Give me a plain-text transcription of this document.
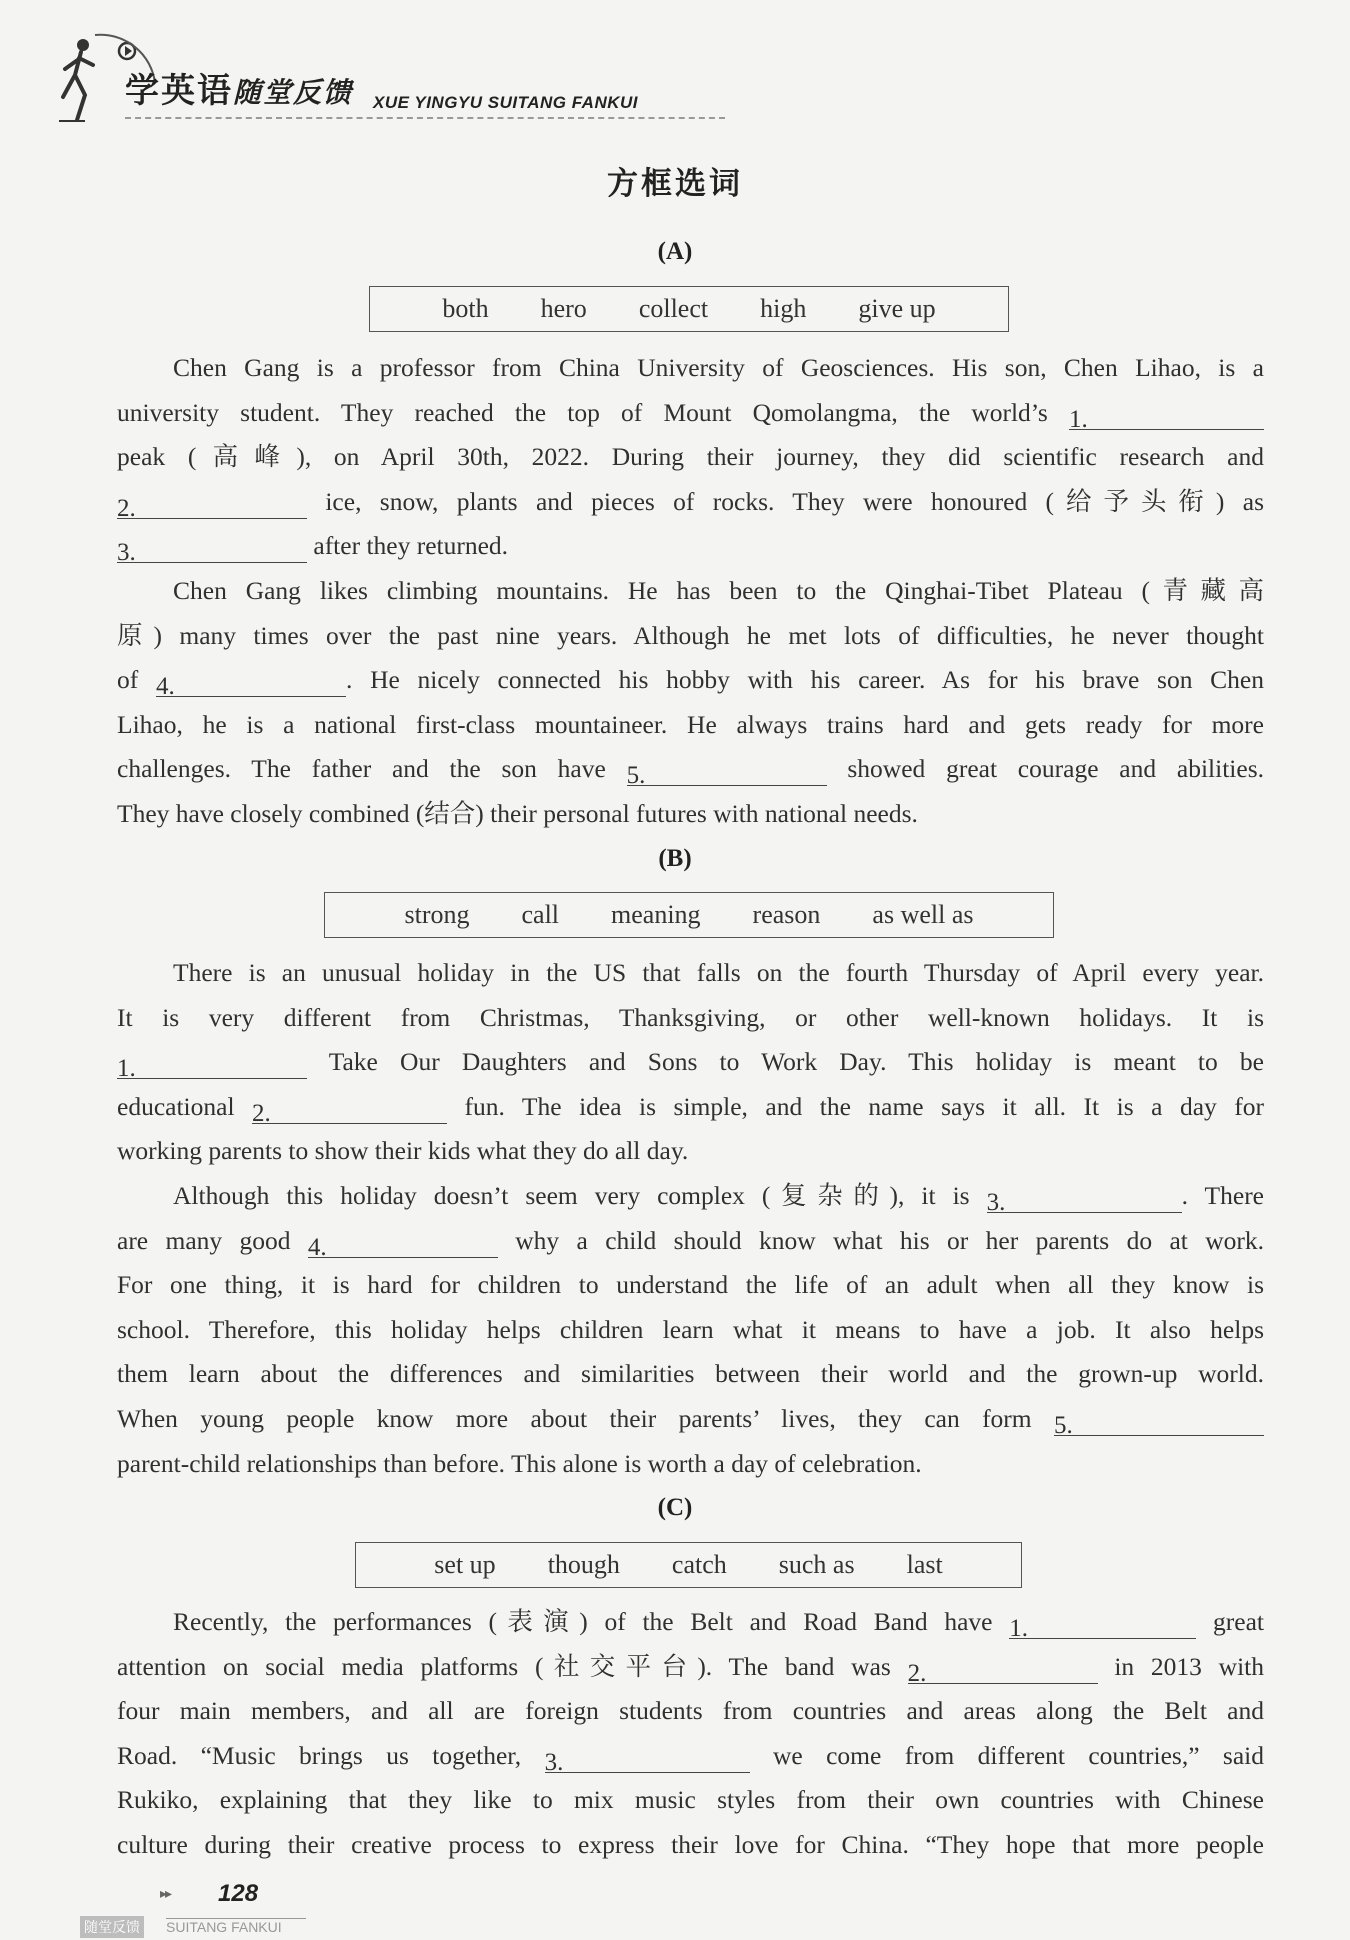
学英语随堂反馈 XUE YINGYU SUITANG FANKUI
方框选词
(A)
both	hero	collect	high	give up
Chen Gang is a professor from China University of Geosciences. His son, Chen Lihao, is a
university student. They reached the top of Mount Qomolangma, the world’s 1.
peak (高峰), on April 30th, 2022. During their journey, they did scientific research and
2.	ice, snow, plants and pieces of rocks. They were honoured (给予头衔) as
3.	after they returned.
Chen Gang likes climbing mountains. He has been to the Qinghai-Tibet Plateau (青藏高
原) many times over the past nine years. Although he met lots of difficulties, he never thought
of 4.	. He nicely connected his hobby with his career. As for his brave son Chen
Lihao, he is a national first-class mountaineer. He always trains hard and gets ready for more
challenges. The father and the son have 5.	showed great courage and abilities.
They have closely combined (结合) their personal futures with national needs.
(B)
strong	call	meaning	reason	as well as
There is an unusual holiday in the US that falls on the fourth Thursday of April every year.
It is very different from Christmas, Thanksgiving, or other well-known holidays. It is
1.	Take Our Daughters and Sons to Work Day. This holiday is meant to be
educational 2.	fun. The idea is simple, and the name says it all. It is a day for
working parents to show their kids what they do all day.
Although this holiday doesn’t seem very complex (复杂的), it is 3.	. There
are many good 4.	why a child should know what his or her parents do at work.
For one thing, it is hard for children to understand the life of an adult when all they know is
school. Therefore, this holiday helps children learn what it means to have a job. It also helps
them learn about the differences and similarities between their world and the grown-up world.
When young people know more about their parents’ lives, they can form 5.
parent-child relationships than before. This alone is worth a day of celebration.
(C)
set up	though	catch	such as	last
Recently, the performances (表演) of the Belt and Road Band have 1.	great
attention on social media platforms (社交平台). The band was 2.	in 2013 with
four main members, and all are foreign students from countries and areas along the Belt and
Road. “Music brings us together, 3.	we come from different countries,” said
Rukiko, explaining that they like to mix music styles from their own countries with Chinese
culture during their creative process to express their love for China. “They hope that more people
▸▸ 128
随堂反馈 SUITANG FANKUI
